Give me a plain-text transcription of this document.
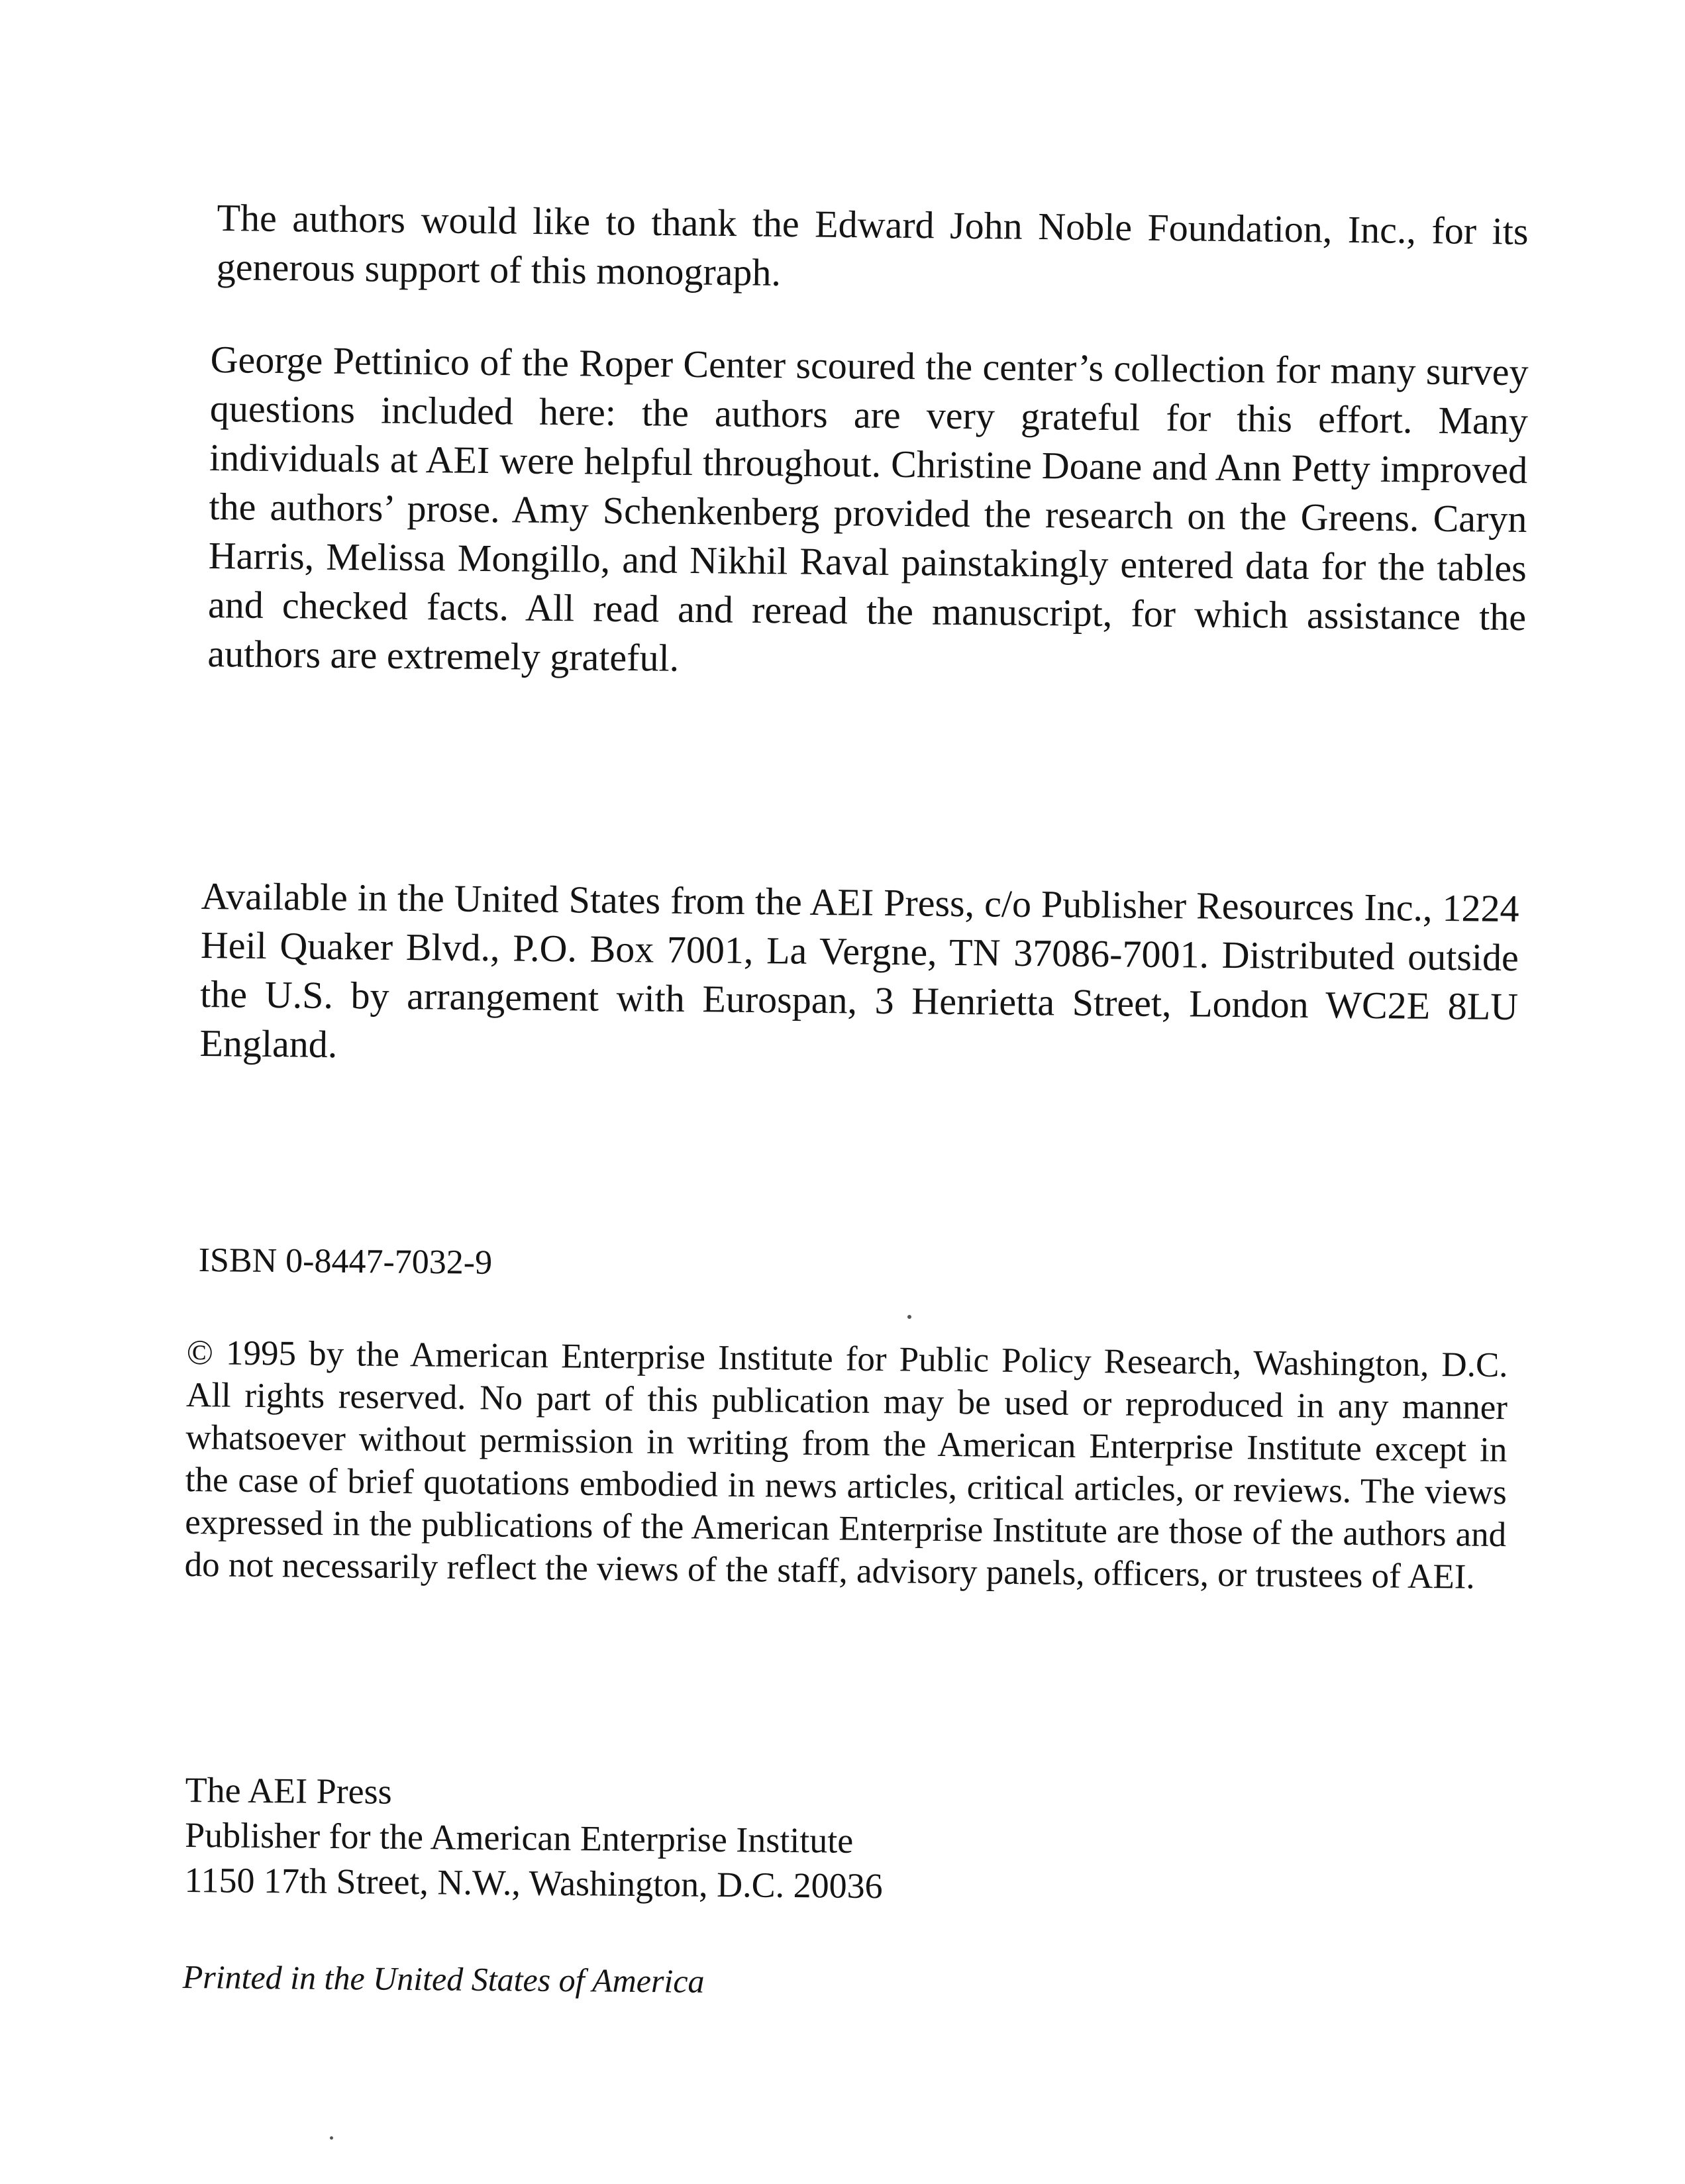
The authors would like to thank the Edward John Noble Foundation, Inc., for its generous support of this monograph.

George Pettinico of the Roper Center scoured the center’s collection for many survey questions included here: the authors are very grateful for this effort. Many individuals at AEI were helpful throughout. Christine Doane and Ann Petty improved the authors’ prose. Amy Schenkenberg provided the research on the Greens. Caryn Harris, Melissa Mongillo, and Nikhil Raval painstakingly entered data for the tables and checked facts. All read and reread the manuscript, for which assistance the authors are extremely grateful.

Available in the United States from the AEI Press, c/o Publisher Resources Inc., 1224 Heil Quaker Blvd., P.O. Box 7001, La Vergne, TN 37086-7001. Distributed outside the U.S. by arrangement with Eurospan, 3 Henrietta Street, London WC2E 8LU England.

ISBN 0-8447-7032-9

© 1995 by the American Enterprise Institute for Public Policy Research, Washington, D.C. All rights reserved. No part of this publication may be used or reproduced in any manner whatsoever without permission in writing from the American Enterprise Institute except in the case of brief quotations embodied in news articles, critical articles, or reviews. The views expressed in the publications of the American Enterprise Institute are those of the authors and do not necessarily reflect the views of the staff, advisory panels, officers, or trustees of AEI.

The AEI Press
Publisher for the American Enterprise Institute
1150 17th Street, N.W., Washington, D.C. 20036

Printed in the United States of America
